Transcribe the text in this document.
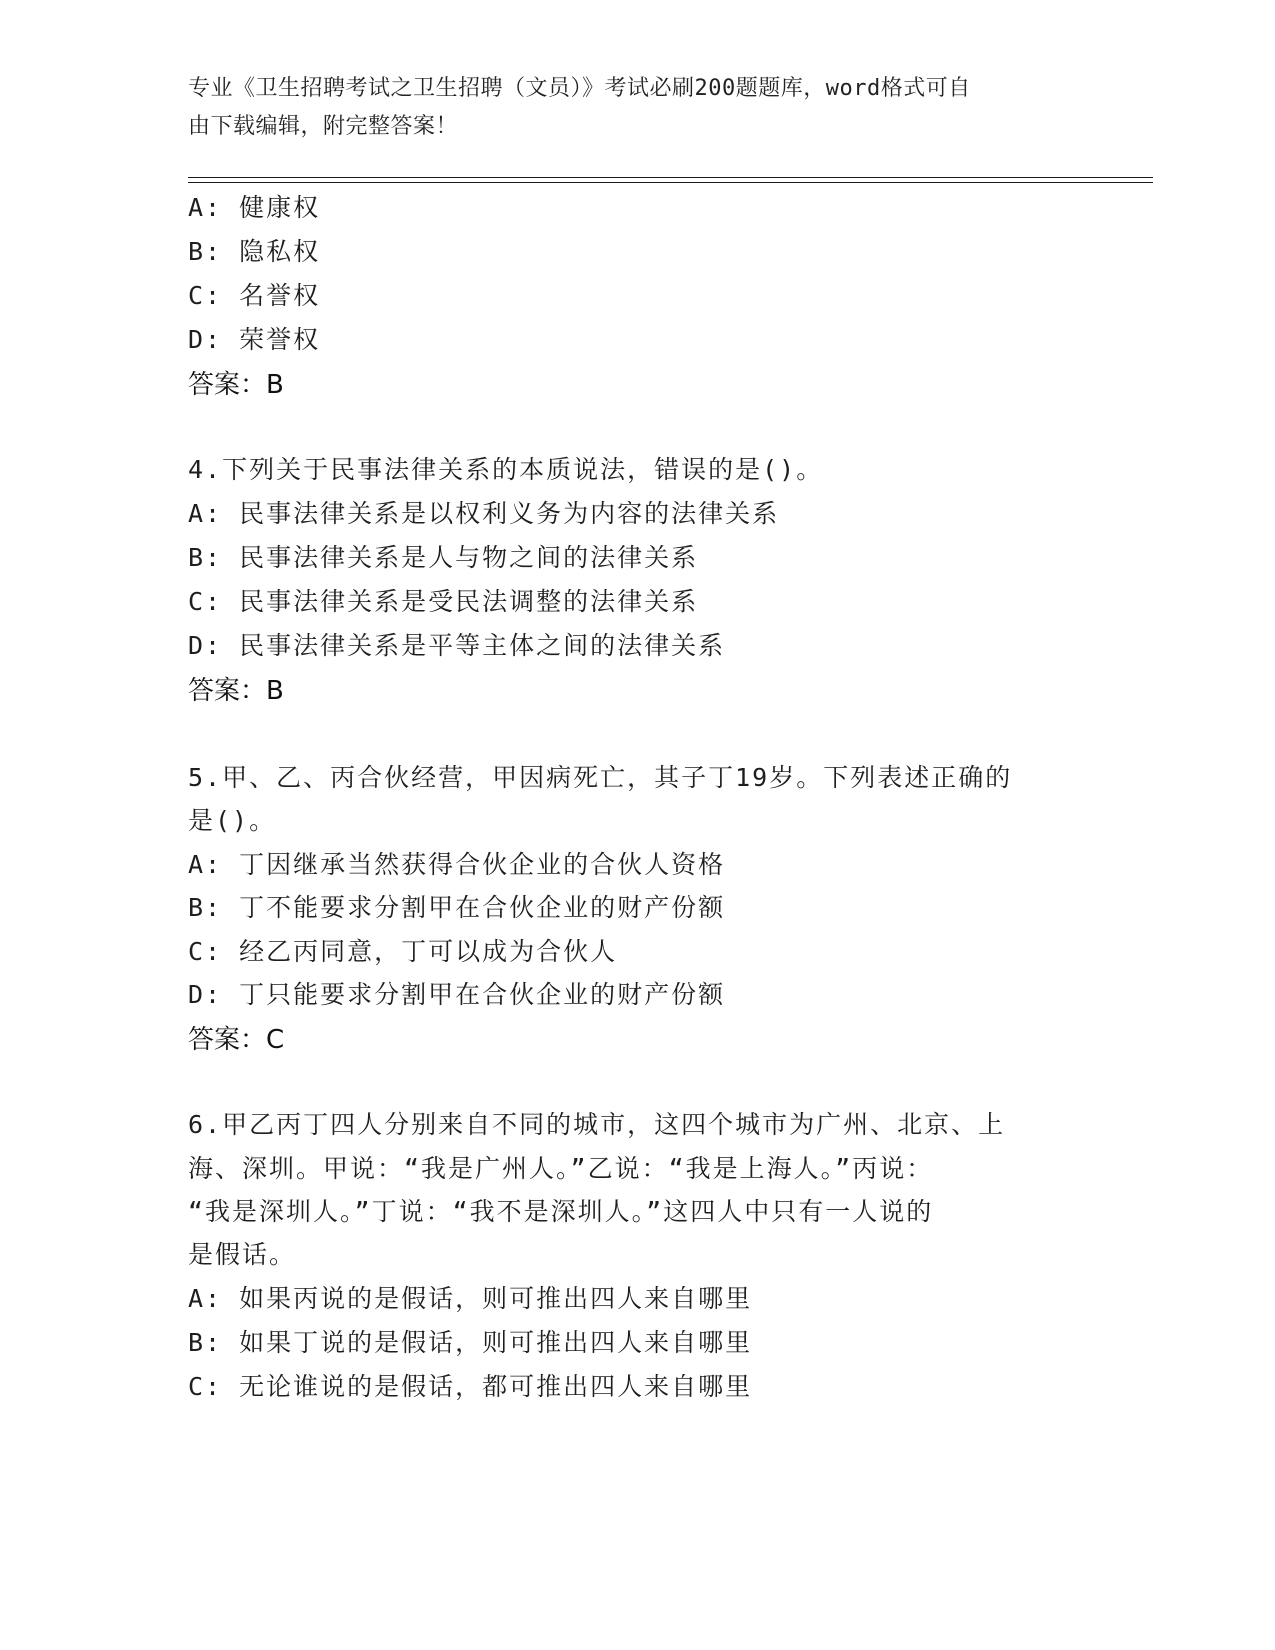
专业《卫生招聘考试之卫生招聘（文员）》考试必刷200题题库，word格式可自
由下载编辑，附完整答案！
A: 健康权
B: 隐私权
C: 名誉权
D: 荣誉权
答案：B
4.下列关于民事法律关系的本质说法，错误的是()。
A: 民事法律关系是以权利义务为内容的法律关系
B: 民事法律关系是人与物之间的法律关系
C: 民事法律关系是受民法调整的法律关系
D: 民事法律关系是平等主体之间的法律关系
答案：B
5.甲、乙、丙合伙经营，甲因病死亡，其子丁19岁。下列表述正确的
是()。
A: 丁因继承当然获得合伙企业的合伙人资格
B: 丁不能要求分割甲在合伙企业的财产份额
C: 经乙丙同意，丁可以成为合伙人
D: 丁只能要求分割甲在合伙企业的财产份额
答案：C
6.甲乙丙丁四人分别来自不同的城市，这四个城市为广州、北京、上
海、深圳。甲说：“我是广州人。”乙说：“我是上海人。”丙说：
“我是深圳人。”丁说：“我不是深圳人。”这四人中只有一人说的
是假话。
A: 如果丙说的是假话，则可推出四人来自哪里
B: 如果丁说的是假话，则可推出四人来自哪里
C: 无论谁说的是假话，都可推出四人来自哪里
